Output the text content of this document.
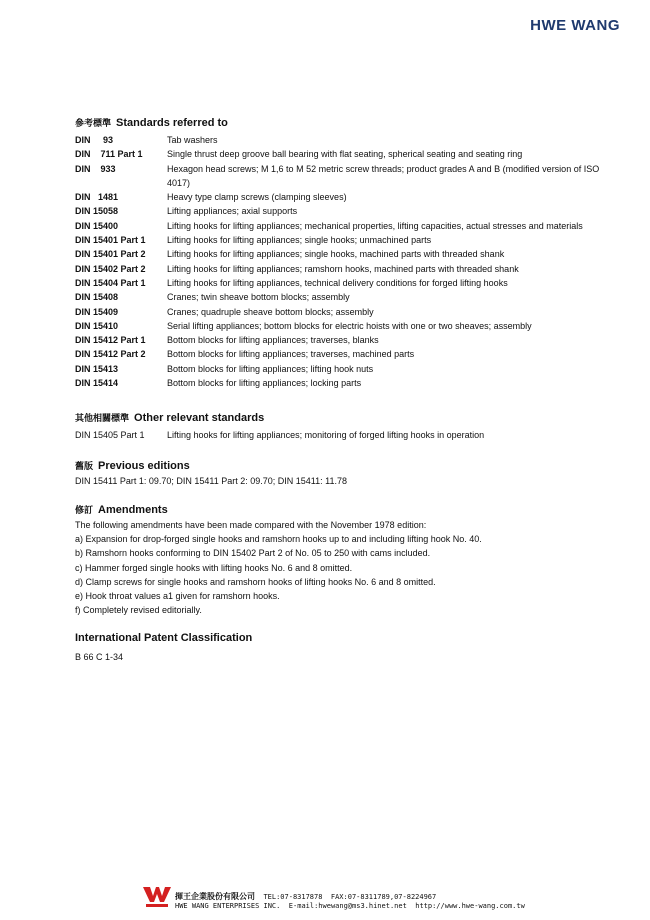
HWE WANG
參考標準 Standards referred to
DIN     93	Tab washers
DIN    711 Part 1	Single thrust deep groove ball bearing with flat seating, spherical seating and seating ring
DIN    933	Hexagon head screws; M 1,6 to M 52 metric screw threads; product grades A and B (modified version of ISO 4017)
DIN   1481	Heavy type clamp screws (clamping sleeves)
DIN 15058	Lifting appliances; axial supports
DIN 15400	Lifting hooks for lifting appliances; mechanical properties, lifting capacities, actual stresses and materials
DIN 15401 Part 1	Lifting hooks for lifting appliances; single hooks; unmachined parts
DIN 15401 Part 2	Lifting hooks for lifting appliances; single hooks, machined parts with threaded shank
DIN 15402 Part 2	Lifting hooks for lifting appliances; ramshorn hooks, machined parts with threaded shank
DIN 15404 Part 1	Lifting hooks for lifting appliances, technical delivery conditions for forged lifting hooks
DIN 15408	Cranes; twin sheave bottom blocks; assembly
DIN 15409	Cranes; quadruple sheave bottom blocks; assembly
DIN 15410	Serial lifting appliances; bottom blocks for electric hoists with one or two sheaves; assembly
DIN 15412 Part 1	Bottom blocks for lifting appliances; traverses, blanks
DIN 15412 Part 2	Bottom blocks for lifting appliances; traverses, machined parts
DIN 15413	Bottom blocks for lifting appliances; lifting hook nuts
DIN 15414	Bottom blocks for lifting appliances; locking parts
其他相關標準 Other relevant standards
DIN 15405 Part 1	Lifting hooks for lifting appliances; monitoring of forged lifting hooks in operation
舊版 Previous editions
DIN 15411 Part 1: 09.70; DIN 15411 Part 2: 09.70; DIN 15411: 11.78
修訂 Amendments
The following amendments have been made compared with the November 1978 edition:
a) Expansion for drop-forged single hooks and ramshorn hooks up to and including lifting hook No. 40.
b) Ramshorn hooks conforming to DIN 15402 Part 2 of No. 05 to 250 with cams included.
c) Hammer forged single hooks with lifting hooks No. 6 and 8 omitted.
d) Clamp screws for single hooks and ramshorn hooks of lifting hooks No. 6 and 8 omitted.
e) Hook throat values a1 given for ramshorn hooks.
f) Completely revised editorially.
International Patent Classification
B 66 C 1-34
揮王企業股份有限公司 TEL:07-8317878  FAX:07-8311789,07-8224967
HWE WANG ENTERPRISES INC. E-mail:hwewang@ms3.hinet.net  http://www.hwe-wang.com.tw
